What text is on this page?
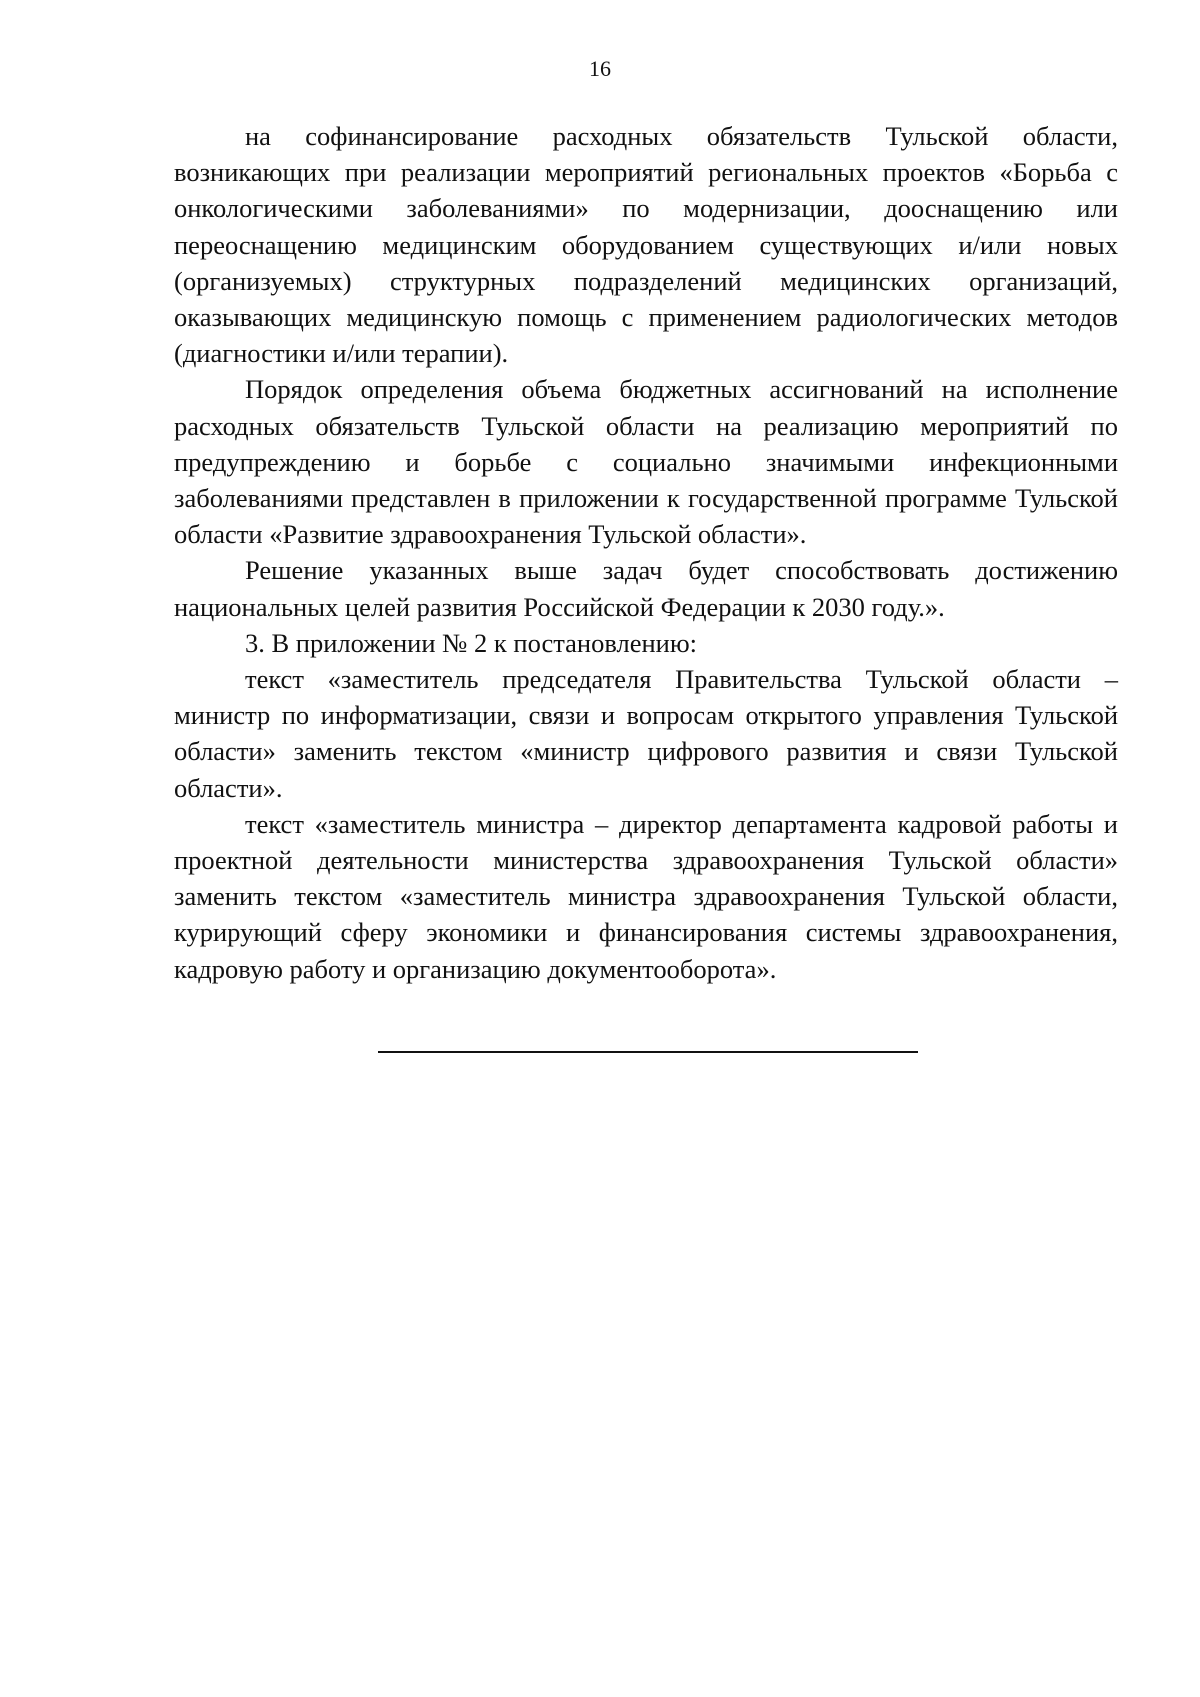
16

на софинансирование расходных обязательств Тульской области, возникающих при реализации мероприятий региональных проектов «Борьба с онкологическими заболеваниями» по модернизации, дооснащению или переоснащению медицинским оборудованием существующих и/или новых (организуемых) структурных подразделений медицинских организаций, оказывающих медицинскую помощь с применением радиологических методов (диагностики и/или терапии).

Порядок определения объема бюджетных ассигнований на исполнение расходных обязательств Тульской области на реализацию мероприятий по предупреждению и борьбе с социально значимыми инфекционными заболеваниями представлен в приложении к государственной программе Тульской области «Развитие здравоохранения Тульской области».

Решение указанных выше задач будет способствовать достижению национальных целей развития Российской Федерации к 2030 году.».

3. В приложении № 2 к постановлению:

текст «заместитель председателя Правительства Тульской области – министр по информатизации, связи и вопросам открытого управления Тульской области» заменить текстом «министр цифрового развития и связи Тульской области».

текст «заместитель министра – директор департамента кадровой работы и проектной деятельности министерства здравоохранения Тульской области» заменить текстом «заместитель министра здравоохранения Тульской области, курирующий сферу экономики и финансирования системы здравоохранения, кадровую работу и организацию документооборота».
